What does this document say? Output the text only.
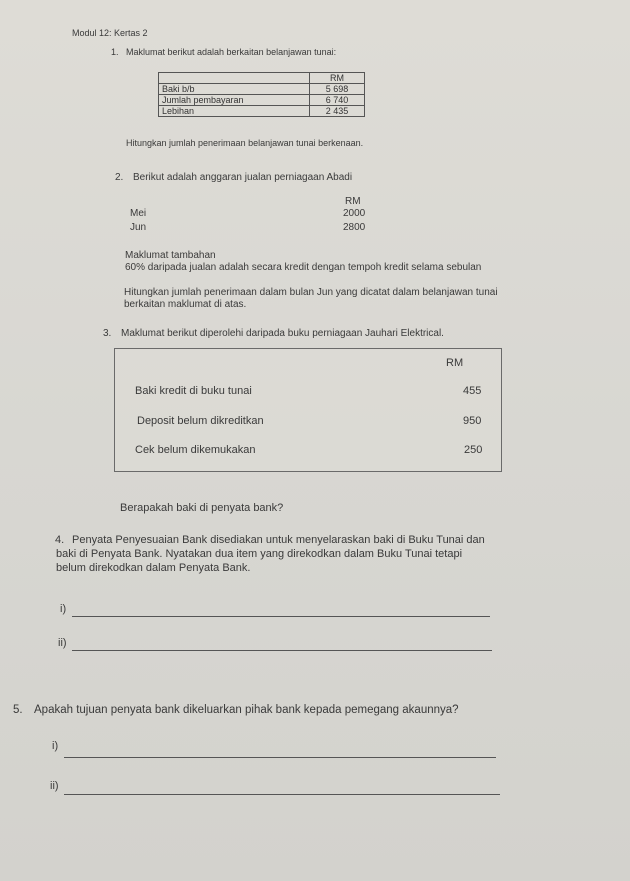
Modul 12: Kertas 2
1. Maklumat berikut adalah berkaitan belanjawan tunai:
	RM
Baki b/b	5 698
Jumlah pembayaran	6 740
Lebihan	2 435
Hitungkan jumlah penerimaan belanjawan tunai berkenaan.
2. Berikut adalah anggaran jualan perniagaan Abadi
RM
Mei	2000
Jun	2800
Maklumat tambahan
60% daripada jualan adalah secara kredit dengan tempoh kredit selama sebulan
Hitungkan jumlah penerimaan dalam bulan Jun yang dicatat dalam belanjawan tunai
berkaitan maklumat di atas.
3. Maklumat berikut diperolehi daripada buku perniagaan Jauhari Elektrical.
RM
Baki kredit di buku tunai	455
Deposit belum dikreditkan	950
Cek belum dikemukakan	250
Berapakah baki di penyata bank?
4. Penyata Penyesuaian Bank disediakan untuk menyelaraskan baki di Buku Tunai dan
baki di Penyata Bank. Nyatakan dua item yang direkodkan dalam Buku Tunai tetapi
belum direkodkan dalam Penyata Bank.
i)
ii)
5. Apakah tujuan penyata bank dikeluarkan pihak bank kepada pemegang akaunnya?
i)
ii)
